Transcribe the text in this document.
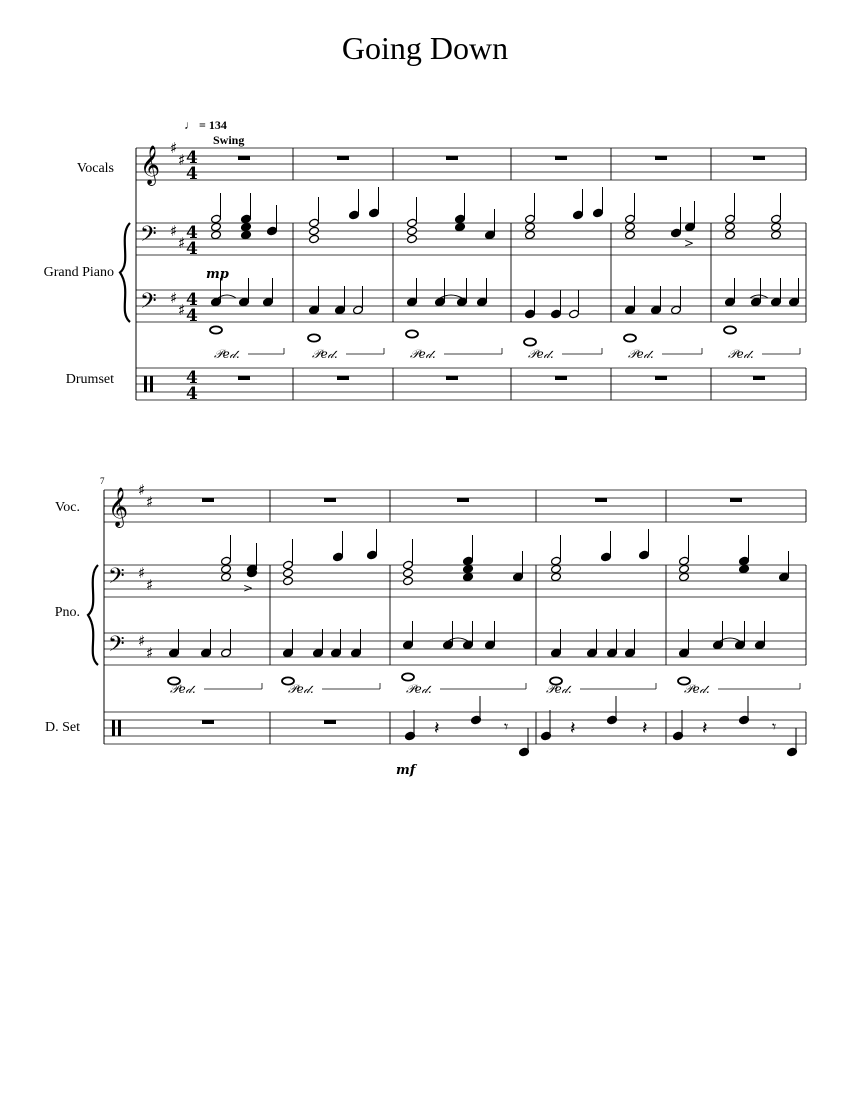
Going Down
♩ = 134
Swing
Vocals
Grand Piano
Drumset
Voc.
Pno.
D. Set
7
𝄞
𝄢
𝄢
♯
♯
♯
♯
♯
♯
4
4
4
4
4
4
4
4
𝄞
𝄢
𝄢
♯
♯
♯
♯
♯
♯
>
>
𝒫𝑒𝒹.	𝒫𝑒𝒹.	𝒫𝑒𝒹.	𝒫𝑒𝒹.	𝒫𝑒𝒹.	𝒫𝑒𝒹.
𝒫𝑒𝒹.	𝒫𝑒𝒹.	𝒫𝑒𝒹.	𝒫𝑒𝒹.	𝒫𝑒𝒹.
mp
mf
𝄽	𝄾	𝄽	𝄽	𝄽	𝄾
